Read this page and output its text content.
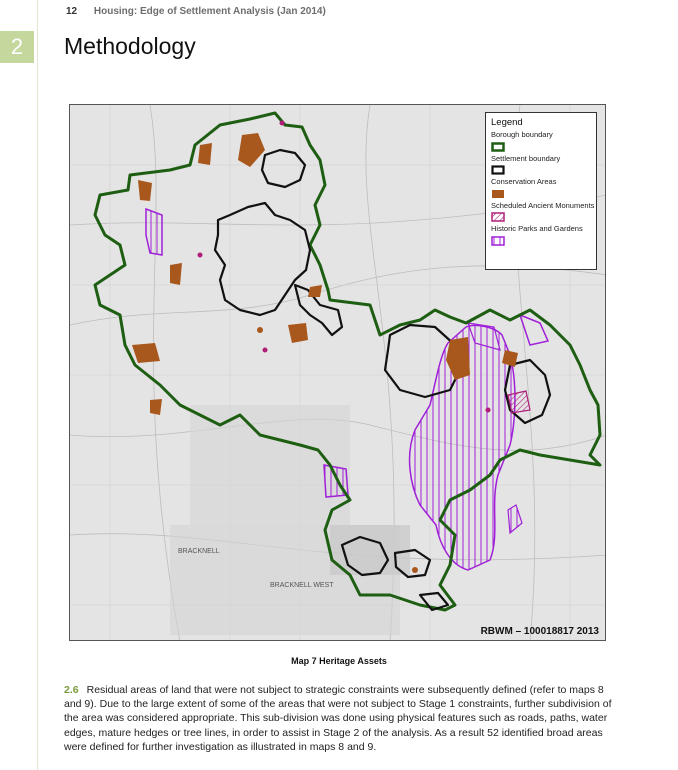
12 Housing: Edge of Settlement Analysis (Jan 2014)
2	Methodology
BRACKNELL
BRACKNELL WEST
Legend
Borough boundary
Settlement boundary
Conservation Areas
Scheduled Ancient Monuments
Historic Parks and Gardens
RBWM – 100018817 2013
Map 7 Heritage Assets

2.6 Residual areas of land that were not subject to strategic constraints were subsequently defined (refer to maps 8 and 9). Due to the large extent of some of the areas that were not subject to Stage 1 constraints, further subdivision of the area was considered appropriate. This sub-division was done using physical features such as roads, paths, water edges, mature hedges or tree lines, in order to assist in Stage 2 of the analysis. As a result 52 identified broad areas were defined for further investigation as illustrated in maps 8 and 9.
